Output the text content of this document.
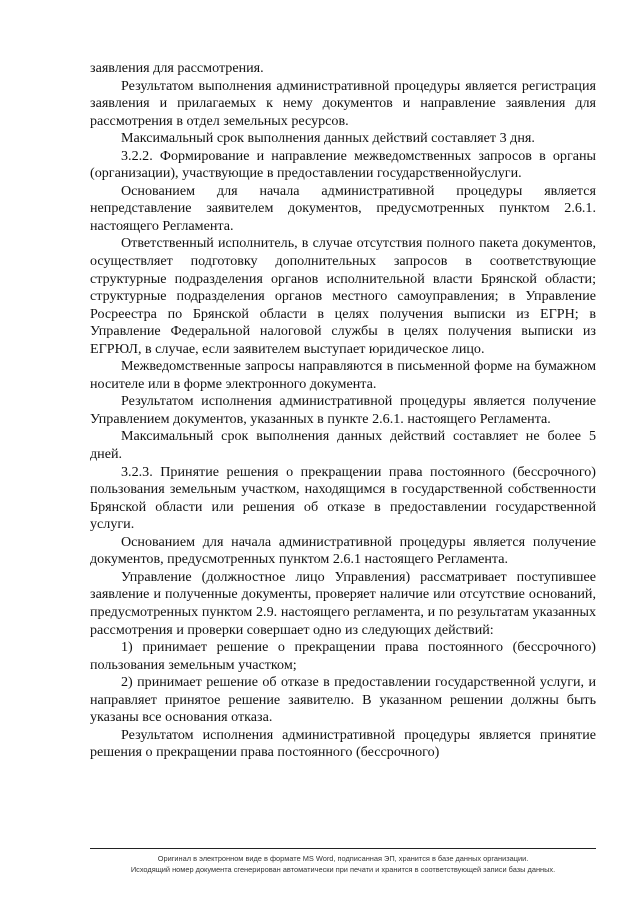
заявления для рассмотрения.

Результатом выполнения административной процедуры является регистрация заявления и прилагаемых к нему документов и направление заявления для рассмотрения в отдел земельных ресурсов.

Максимальный срок выполнения данных действий составляет 3 дня.

3.2.2. Формирование и направление межведомственных запросов в органы (организации), участвующие в предоставлении государственнойуслуги.

Основанием для начала административной процедуры является непредставление заявителем документов, предусмотренных пунктом 2.6.1. настоящего Регламента.

Ответственный исполнитель, в случае отсутствия полного пакета документов, осуществляет подготовку дополнительных запросов в соответствующие структурные подразделения органов исполнительной власти Брянской области; структурные подразделения органов местного самоуправления; в Управление Росреестра по Брянской области в целях получения выписки из ЕГРН; в Управление Федеральной налоговой службы в целях получения выписки из ЕГРЮЛ, в случае, если заявителем выступает юридическое лицо.

Межведомственные запросы направляются в письменной форме на бумажном носителе или в форме электронного документа.

Результатом исполнения административной процедуры является получение Управлением документов, указанных в пункте 2.6.1. настоящего Регламента.

Максимальный срок выполнения данных действий составляет не более 5 дней.

3.2.3. Принятие решения о прекращении права постоянного (бессрочного) пользования земельным участком, находящимся в государственной собственности Брянской области или решения об отказе в предоставлении государственной услуги.

Основанием для начала административной процедуры является получение документов, предусмотренных пунктом 2.6.1 настоящего Регламента.

Управление (должностное лицо Управления) рассматривает поступившее заявление и полученные документы, проверяет наличие или отсутствие оснований, предусмотренных пунктом 2.9. настоящего регламента, и по результатам указанных рассмотрения и проверки совершает одно из следующих действий:

1) принимает решение о прекращении права постоянного (бессрочного) пользования земельным участком;

2) принимает решение об отказе в предоставлении государственной услуги, и направляет принятое решение заявителю. В указанном решении должны быть указаны все основания отказа.

Результатом исполнения административной процедуры является принятие решения о прекращении права постоянного (бессрочного)

Оригинал в электронном виде в формате MS Word, подписанная ЭП, хранится в базе данных организации.
Исходящий номер документа сгенерирован автоматически при печати и хранится в соответствующей записи базы данных.
